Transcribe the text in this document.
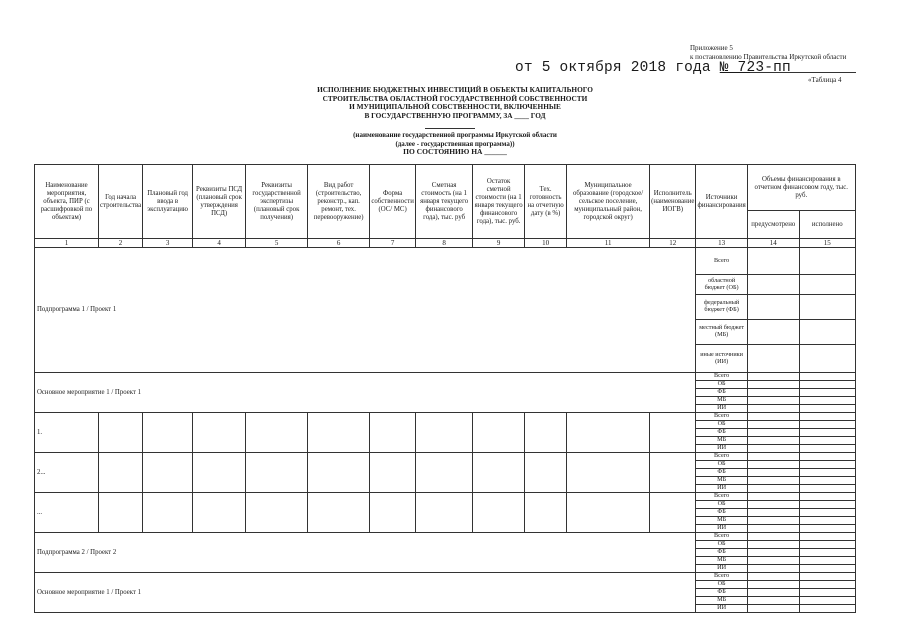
Приложение 5
к постановлению Правительства Иркутской области
от 5 октября 2018 года № 723-пп
«Таблица 4
ИСПОЛНЕНИЕ БЮДЖЕТНЫХ ИНВЕСТИЦИЙ В ОБЪЕКТЫ КАПИТАЛЬНОГО
СТРОИТЕЛЬСТВА ОБЛАСТНОЙ ГОСУДАРСТВЕННОЙ СОБСТВЕННОСТИ
И МУНИЦИПАЛЬНОЙ СОБСТВЕННОСТИ, ВКЛЮЧЕННЫЕ
В ГОСУДАРСТВЕННУЮ ПРОГРАММУ, ЗА ____ ГОД
(наименование государственной программы Иркутской области
(далее - государственная программа))
ПО СОСТОЯНИЮ НА ______
Наименование мероприятия, объекта, ПИР (с расшифровкой по объектам)	Год начала строительства	Плановый год ввода в эксплуатацию	Реквизиты ПСД (плановый срок утверждения ПСД)	Реквизиты государственной экспертизы (плановый срок получения)	Вид работ (строительство, реконстр., кап. ремонт, тех. перевооружение)	Форма собственности (ОС/ МС)	Сметная стоимость (на 1 января текущего финансового года), тыс. руб	Остаток сметной стоимости (на 1 января текущего финансового года), тыс. руб.	Тех. готовность на отчетную дату (в %)	Муниципальное образование (городское/сельское поселение, муниципальный район, городской округ)	Исполнитель (наименование ИОГВ)	Источники финансирования	Объемы финансирования в отчетном финансовом году, тыс. руб.	
													предусмотрено	исполнено
1	2	3	4	5	6	7	8	9	10	11	12	13	14	15
Подпрограмма 1 / Проект 1												Всего		
												областной бюджет (ОБ)		
												федеральный бюджет (ФБ)		
												местный бюджет (МБ)		
												иные источники (ИИ)		
Основное мероприятие 1 / Проект 1												Всего		
												ОБ		
												ФБ		
												МБ		
												ИИ		
1.												Всего		
												ОБ		
												ФБ		
												МБ		
												ИИ		
2...												Всего		
												ОБ		
												ФБ		
												МБ		
												ИИ		
...												Всего		
												ОБ		
												ФБ		
												МБ		
												ИИ		
Подпрограмма 2 / Проект 2												Всего		
												ОБ		
												ФБ		
												МБ		
												ИИ		
Основное мероприятие 1 / Проект 1												Всего		
												ОБ		
												ФБ		
												МБ		
												ИИ		
